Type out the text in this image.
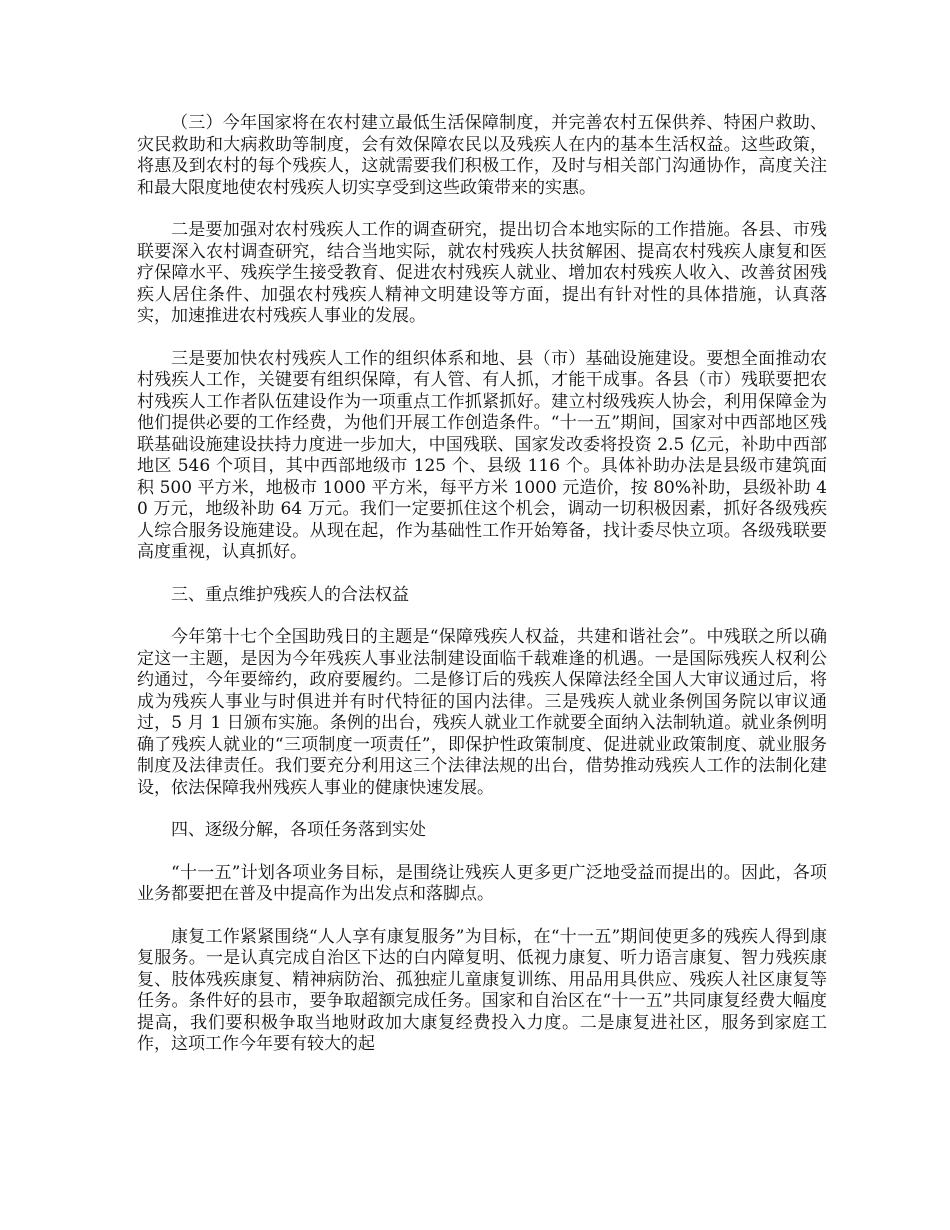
（三）今年国家将在农村建立最低生活保障制度，并完善农村五保供养、特困户救助、灾民救助和大病救助等制度，会有效保障农民以及残疾人在内的基本生活权益。这些政策，将惠及到农村的每个残疾人，这就需要我们积极工作，及时与相关部门沟通协作，高度关注和最大限度地使农村残疾人切实享受到这些政策带来的实惠。

二是要加强对农村残疾人工作的调查研究，提出切合本地实际的工作措施。各县、市残联要深入农村调查研究，结合当地实际，就农村残疾人扶贫解困、提高农村残疾人康复和医疗保障水平、残疾学生接受教育、促进农村残疾人就业、增加农村残疾人收入、改善贫困残疾人居住条件、加强农村残疾人精神文明建设等方面，提出有针对性的具体措施，认真落实，加速推进农村残疾人事业的发展。

三是要加快农村残疾人工作的组织体系和地、县（市）基础设施建设。要想全面推动农村残疾人工作，关键要有组织保障，有人管、有人抓，才能干成事。各县（市）残联要把农村残疾人工作者队伍建设作为一项重点工作抓紧抓好。建立村级残疾人协会，利用保障金为他们提供必要的工作经费，为他们开展工作创造条件。“十一五”期间，国家对中西部地区残联基础设施建设扶持力度进一步加大，中国残联、国家发改委将投资 2.5 亿元，补助中西部地区 546 个项目，其中西部地级市 125 个、县级 116 个。具体补助办法是县级市建筑面积 500 平方米，地极市 1000 平方米，每平方米 1000 元造价，按 80%补助，县级补助 40 万元，地级补助 64 万元。我们一定要抓住这个机会，调动一切积极因素，抓好各级残疾人综合服务设施建设。从现在起，作为基础性工作开始筹备，找计委尽快立项。各级残联要高度重视，认真抓好。

三、重点维护残疾人的合法权益

今年第十七个全国助残日的主题是“保障残疾人权益，共建和谐社会”。中残联之所以确定这一主题，是因为今年残疾人事业法制建设面临千载难逢的机遇。一是国际残疾人权利公约通过，今年要缔约，政府要履约。二是修订后的残疾人保障法经全国人大审议通过后，将成为残疾人事业与时俱进并有时代特征的国内法律。三是残疾人就业条例国务院以审议通过，5 月 1 日颁布实施。条例的出台，残疾人就业工作就要全面纳入法制轨道。就业条例明确了残疾人就业的“三项制度一项责任”，即保护性政策制度、促进就业政策制度、就业服务制度及法律责任。我们要充分利用这三个法律法规的出台，借势推动残疾人工作的法制化建设，依法保障我州残疾人事业的健康快速发展。

四、逐级分解，各项任务落到实处

“十一五”计划各项业务目标，是围绕让残疾人更多更广泛地受益而提出的。因此，各项业务都要把在普及中提高作为出发点和落脚点。

康复工作紧紧围绕“人人享有康复服务”为目标，在“十一五”期间使更多的残疾人得到康复服务。一是认真完成自治区下达的白内障复明、低视力康复、听力语言康复、智力残疾康复、肢体残疾康复、精神病防治、孤独症儿童康复训练、用品用具供应、残疾人社区康复等任务。条件好的县市，要争取超额完成任务。国家和自治区在“十一五”共同康复经费大幅度提高，我们要积极争取当地财政加大康复经费投入力度。二是康复进社区，服务到家庭工作，这项工作今年要有较大的起
